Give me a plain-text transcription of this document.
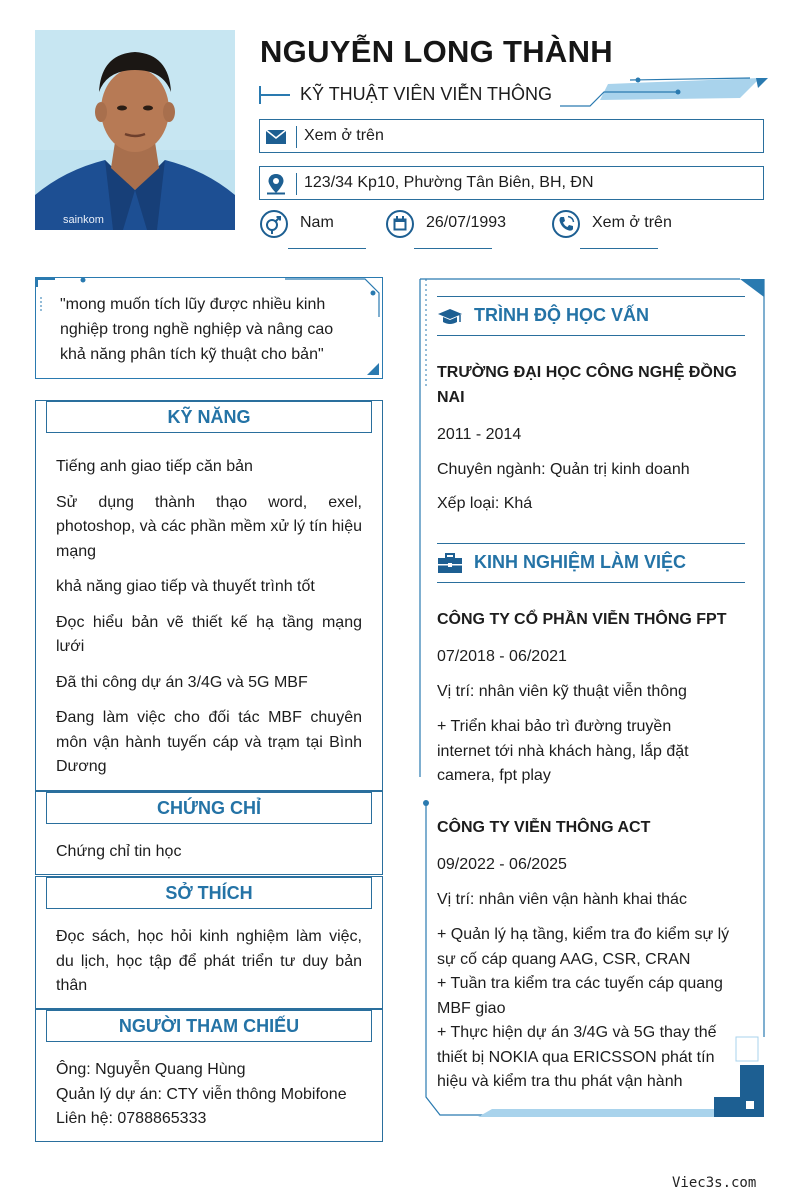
sainkom
NGUYỄN LONG THÀNH
KỸ THUẬT VIÊN VIỄN THÔNG
Xem ở trên
123/34 Kp10, Phường Tân Biên, BH, ĐN
Nam	26/07/1993	Xem ở trên
"mong muốn tích lũy được nhiều kinh nghiệp trong nghề nghiệp và nâng cao khả năng phân tích kỹ thuật cho bản"
KỸ NĂNG

Tiếng anh giao tiếp căn bản

Sử dụng thành thạo word, exel, photoshop, và các phần mềm xử lý tín hiệu mạng

khả năng giao tiếp và thuyết trình tốt

Đọc hiểu bản vẽ thiết kế hạ tầng mạng lưới

Đã thi công dự án 3/4G và 5G MBF

Đang làm việc cho đối tác MBF chuyên môn vận hành tuyến cáp và trạm tại Bình Dương

CHỨNG CHỈ

Chứng chỉ tin học

SỞ THÍCH

Đọc sách, học hỏi kinh nghiệm làm việc, du lịch, học tập để phát triển tư duy bản thân

NGƯỜI THAM CHIẾU
Ông: Nguyễn Quang Hùng
Quản lý dự án: CTY viễn thông Mobifone
Liên hệ: 0788865333
TRÌNH ĐỘ HỌC VẤN
TRƯỜNG ĐẠI HỌC CÔNG NGHỆ ĐỒNG NAI
2011 - 2014
Chuyên ngành: Quản trị kinh doanh
Xếp loại: Khá
KINH NGHIỆM LÀM VIỆC
CÔNG TY CỔ PHẦN VIỄN THÔNG FPT
07/2018 - 06/2021
Vị trí: nhân viên kỹ thuật viễn thông
+ Triển khai bảo trì đường truyền internet tới nhà khách hàng, lắp đặt camera, fpt play
CÔNG TY VIỄN THÔNG ACT
09/2022 - 06/2025
Vị trí: nhân viên vận hành khai thác
+ Quản lý hạ tầng, kiểm tra đo kiểm sự lý sự cố cáp quang AAG, CSR, CRAN
+ Tuần tra kiểm tra các tuyến cáp quang MBF giao
+ Thực hiện dự án 3/4G và 5G thay thế thiết bị NOKIA qua ERICSSON phát tín hiệu và kiểm tra thu phát vận hành
Viec3s.com
